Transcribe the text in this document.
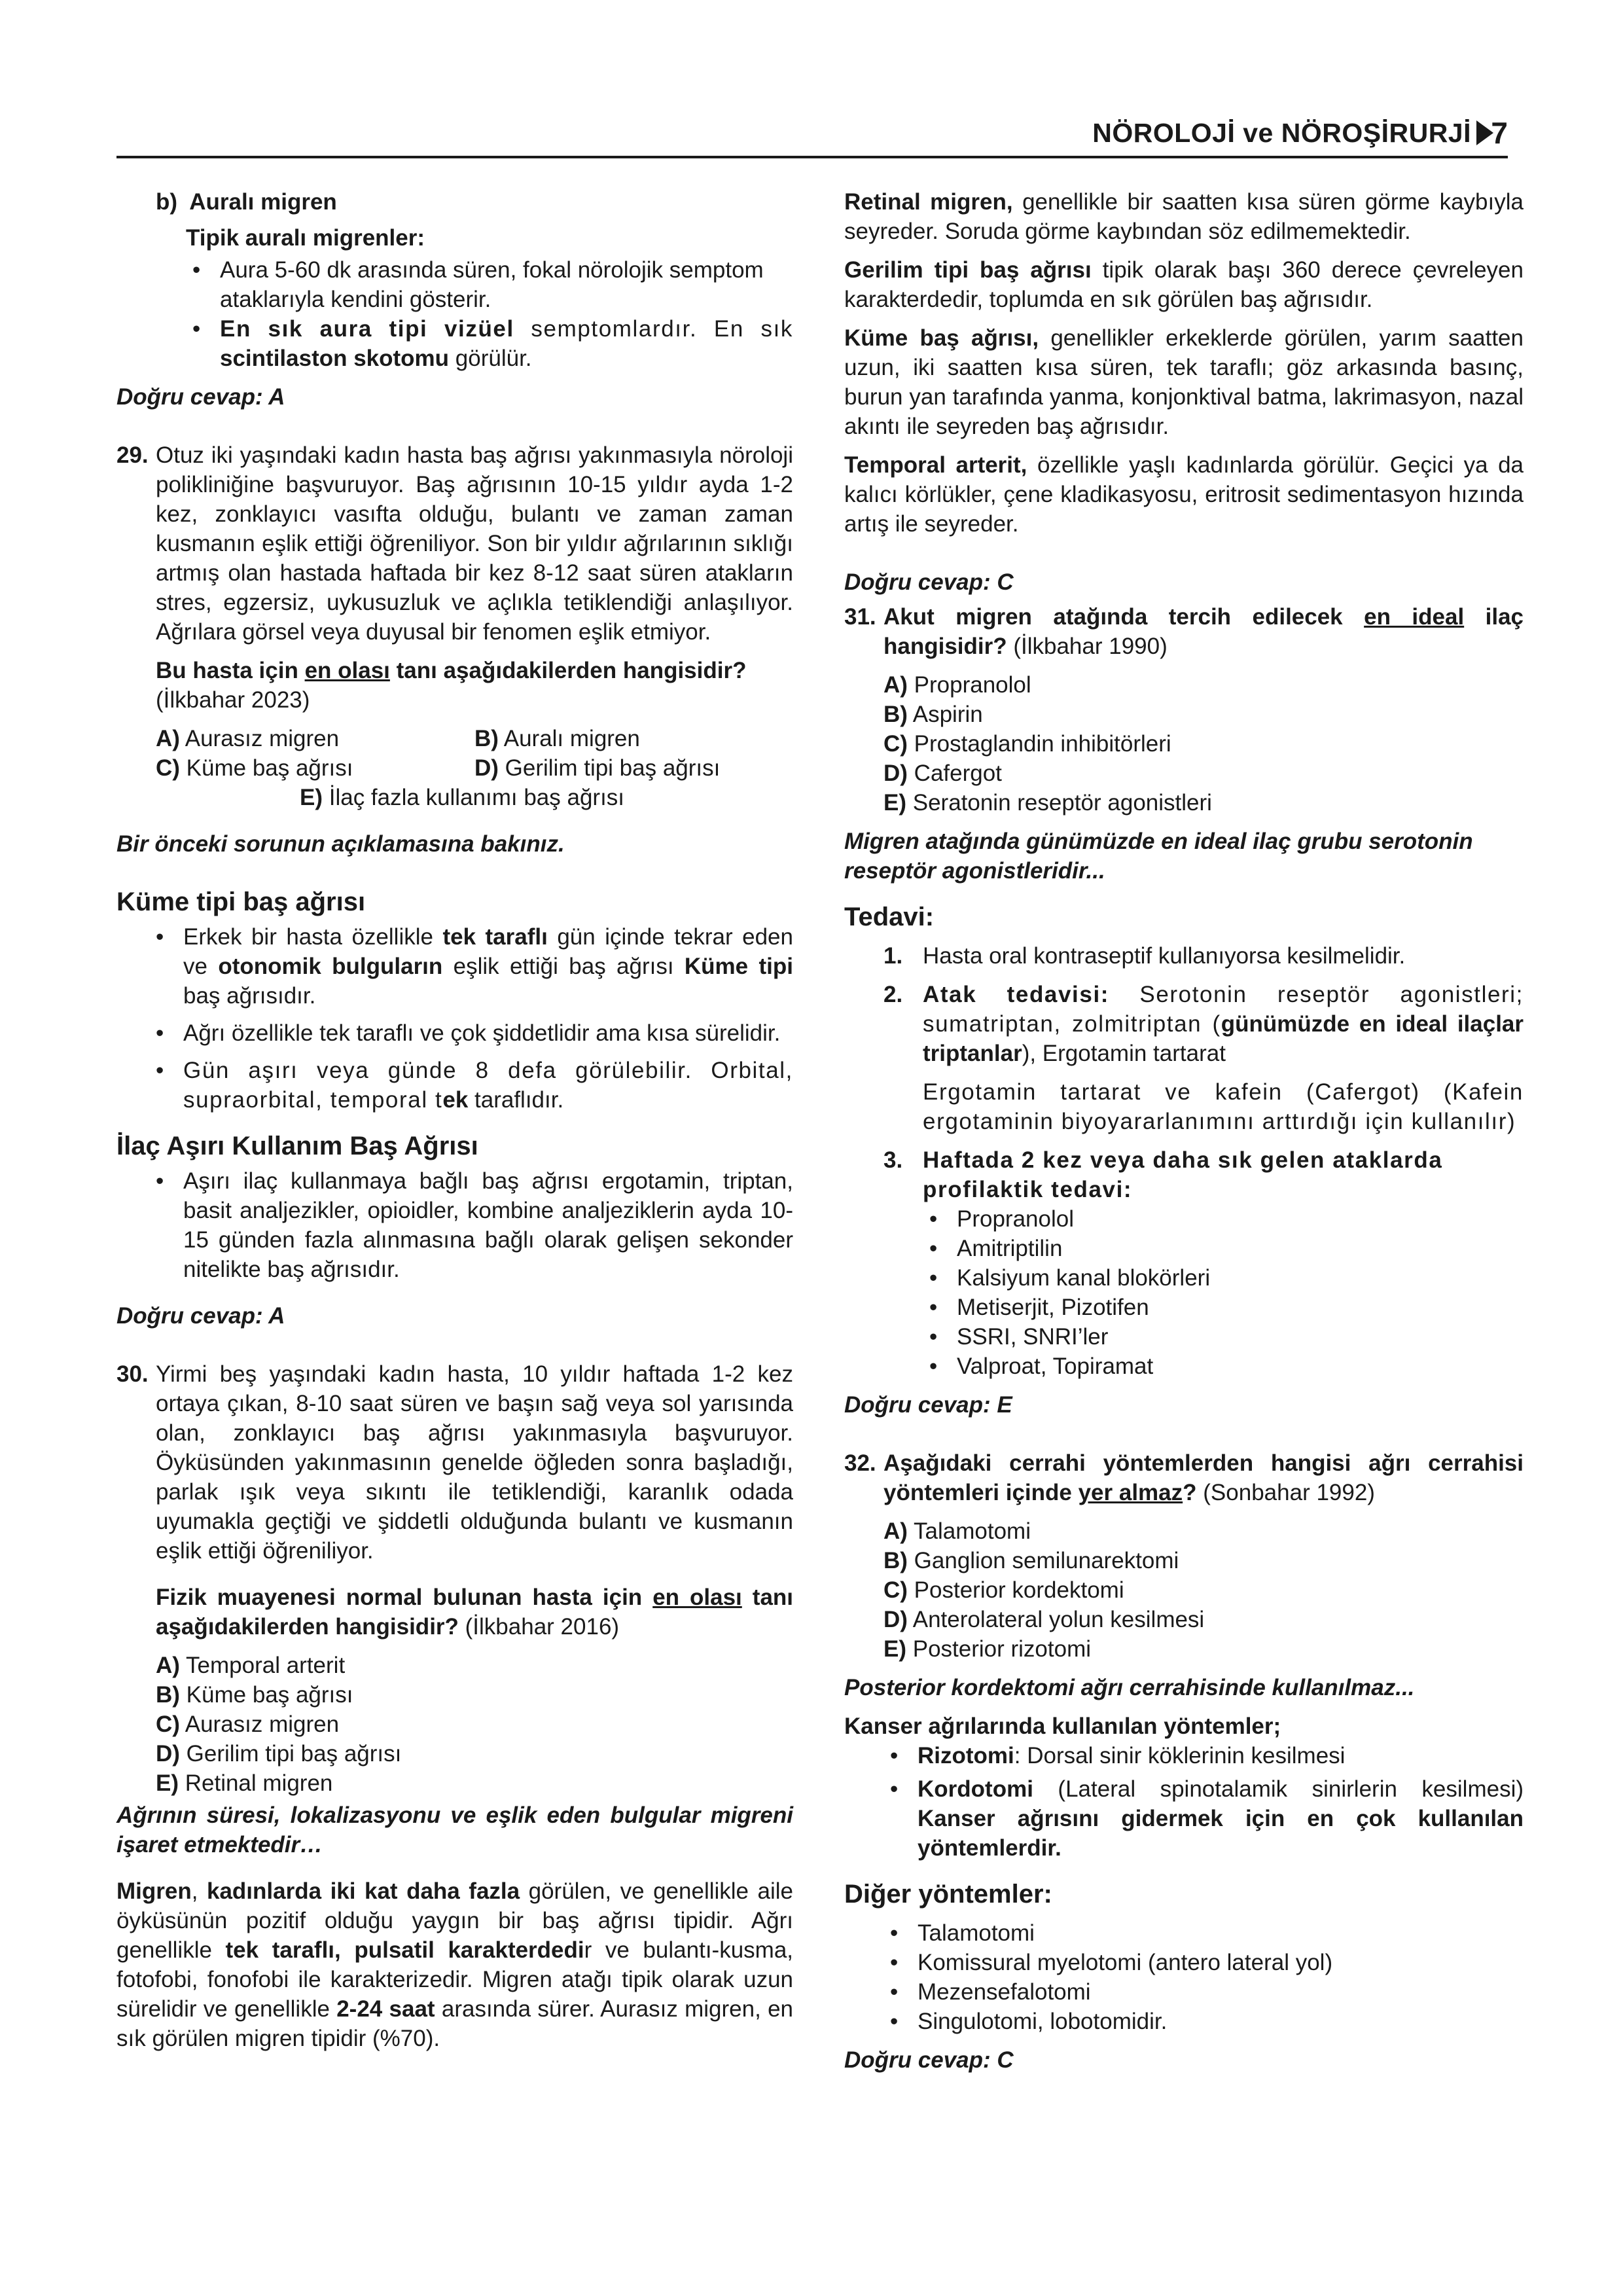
NÖROLOJİ ve NÖROŞİRURJİ 7

b) Auralı migren

Tipik auralı migrenler:

• Aura 5-60 dk arasında süren, fokal nörolojik semptom ataklarıyla kendini gösterir.

• En sık aura tipi vizüel semptomlardır. En sık scintilaston skotomu görülür.

Doğru cevap: A

29. Otuz iki yaşındaki kadın hasta baş ağrısı yakınmasıyla nöroloji polikliniğine başvuruyor. Baş ağrısının 10-15 yıldır ayda 1-2 kez, zonklayıcı vasıfta olduğu, bulantı ve zaman zaman kusmanın eşlik ettiği öğreniliyor. Son bir yıldır ağrılarının sıklığı artmış olan hastada haftada bir kez 8-12 saat süren atakların stres, egzersiz, uykusuzluk ve açlıkla tetiklendiği anlaşılıyor. Ağrılara görsel veya duyusal bir fenomen eşlik etmiyor.

Bu hasta için en olası tanı aşağıdakilerden hangisidir? (İlkbahar 2023)

A) Aurasız migren	B) Auralı migren
C) Küme baş ağrısı	D) Gerilim tipi baş ağrısı

E) İlaç fazla kullanımı baş ağrısı

Bir önceki sorunun açıklamasına bakınız.

Küme tipi baş ağrısı

• Erkek bir hasta özellikle tek taraflı gün içinde tekrar eden ve otonomik bulguların eşlik ettiği baş ağrısı Küme tipi baş ağrısıdır.

• Ağrı özellikle tek taraflı ve çok şiddetlidir ama kısa sürelidir.

• Gün aşırı veya günde 8 defa görülebilir. Orbital, supraorbital, temporal tek taraflıdır.

İlaç Aşırı Kullanım Baş Ağrısı

• Aşırı ilaç kullanmaya bağlı baş ağrısı ergotamin, triptan, basit analjezikler, opioidler, kombine analjeziklerin ayda 10-15 günden fazla alınmasına bağlı olarak gelişen sekonder nitelikte baş ağrısıdır.

Doğru cevap: A

30. Yirmi beş yaşındaki kadın hasta, 10 yıldır haftada 1-2 kez ortaya çıkan, 8-10 saat süren ve başın sağ veya sol yarısında olan, zonklayıcı baş ağrısı yakınmasıyla başvuruyor. Öyküsünden yakınmasının genelde öğleden sonra başladığı, parlak ışık veya sıkıntı ile tetiklendiği, karanlık odada uyumakla geçtiği ve şiddetli olduğunda bulantı ve kusmanın eşlik ettiği öğreniliyor.

Fizik muayenesi normal bulunan hasta için en olası tanı aşağıdakilerden hangisidir? (İlkbahar 2016)

A) Temporal arterit

B) Küme baş ağrısı

C) Aurasız migren

D) Gerilim tipi baş ağrısı

E) Retinal migren

Ağrının süresi, lokalizasyonu ve eşlik eden bulgular migreni işaret etmektedir…

Migren, kadınlarda iki kat daha fazla görülen, ve genellikle aile öyküsünün pozitif olduğu yaygın bir baş ağrısı tipidir. Ağrı genellikle tek taraflı, pulsatil karakterdedir ve bulantı-kusma, fotofobi, fonofobi ile karakterizedir. Migren atağı tipik olarak uzun sürelidir ve genellikle 2-24 saat arasında sürer. Aurasız migren, en sık görülen migren tipidir (%70).

Retinal migren, genellikle bir saatten kısa süren görme kaybıyla seyreder. Soruda görme kaybından söz edilmemektedir.

Gerilim tipi baş ağrısı tipik olarak başı 360 derece çevreleyen karakterdedir, toplumda en sık görülen baş ağrısıdır.

Küme baş ağrısı, genellikler erkeklerde görülen, yarım saatten uzun, iki saatten kısa süren, tek taraflı; göz arkasında basınç, burun yan tarafında yanma, konjonktival batma, lakrimasyon, nazal akıntı ile seyreden baş ağrısıdır.

Temporal arterit, özellikle yaşlı kadınlarda görülür. Geçici ya da kalıcı körlükler, çene kladikasyosu, eritrosit sedimentasyon hızında artış ile seyreder.

Doğru cevap: C

31. Akut migren atağında tercih edilecek en ideal ilaç hangisidir? (İlkbahar 1990)

A) Propranolol

B) Aspirin

C) Prostaglandin inhibitörleri

D) Cafergot

E) Seratonin reseptör agonistleri

Migren atağında günümüzde en ideal ilaç grubu serotonin reseptör agonistleridir...

Tedavi:

1. Hasta oral kontraseptif kullanıyorsa kesilmelidir.

2. Atak tedavisi: Serotonin reseptör agonistleri; sumatriptan, zolmitriptan (günümüzde en ideal ilaçlar triptanlar), Ergotamin tartarat

Ergotamin tartarat ve kafein (Cafergot) (Kafein ergotaminin biyoyararlanımını arttırdığı için kullanılır)

3. Haftada 2 kez veya daha sık gelen ataklarda profilaktik tedavi:

• Propranolol

• Amitriptilin

• Kalsiyum kanal blokörleri

• Metiserjit, Pizotifen

• SSRI, SNRI’ler

• Valproat, Topiramat

Doğru cevap: E

32. Aşağıdaki cerrahi yöntemlerden hangisi ağrı cerrahisi yöntemleri içinde yer almaz? (Sonbahar 1992)

A) Talamotomi

B) Ganglion semilunarektomi

C) Posterior kordektomi

D) Anterolateral yolun kesilmesi

E) Posterior rizotomi

Posterior kordektomi ağrı cerrahisinde kullanılmaz...

Kanser ağrılarında kullanılan yöntemler;

• Rizotomi: Dorsal sinir köklerinin kesilmesi

• Kordotomi (Lateral spinotalamik sinirlerin kesilmesi) Kanser ağrısını gidermek için en çok kullanılan yöntemlerdir.

Diğer yöntemler:

• Talamotomi

• Komissural myelotomi (antero lateral yol)

• Mezensefalotomi

• Singulotomi, lobotomidir.

Doğru cevap: C
